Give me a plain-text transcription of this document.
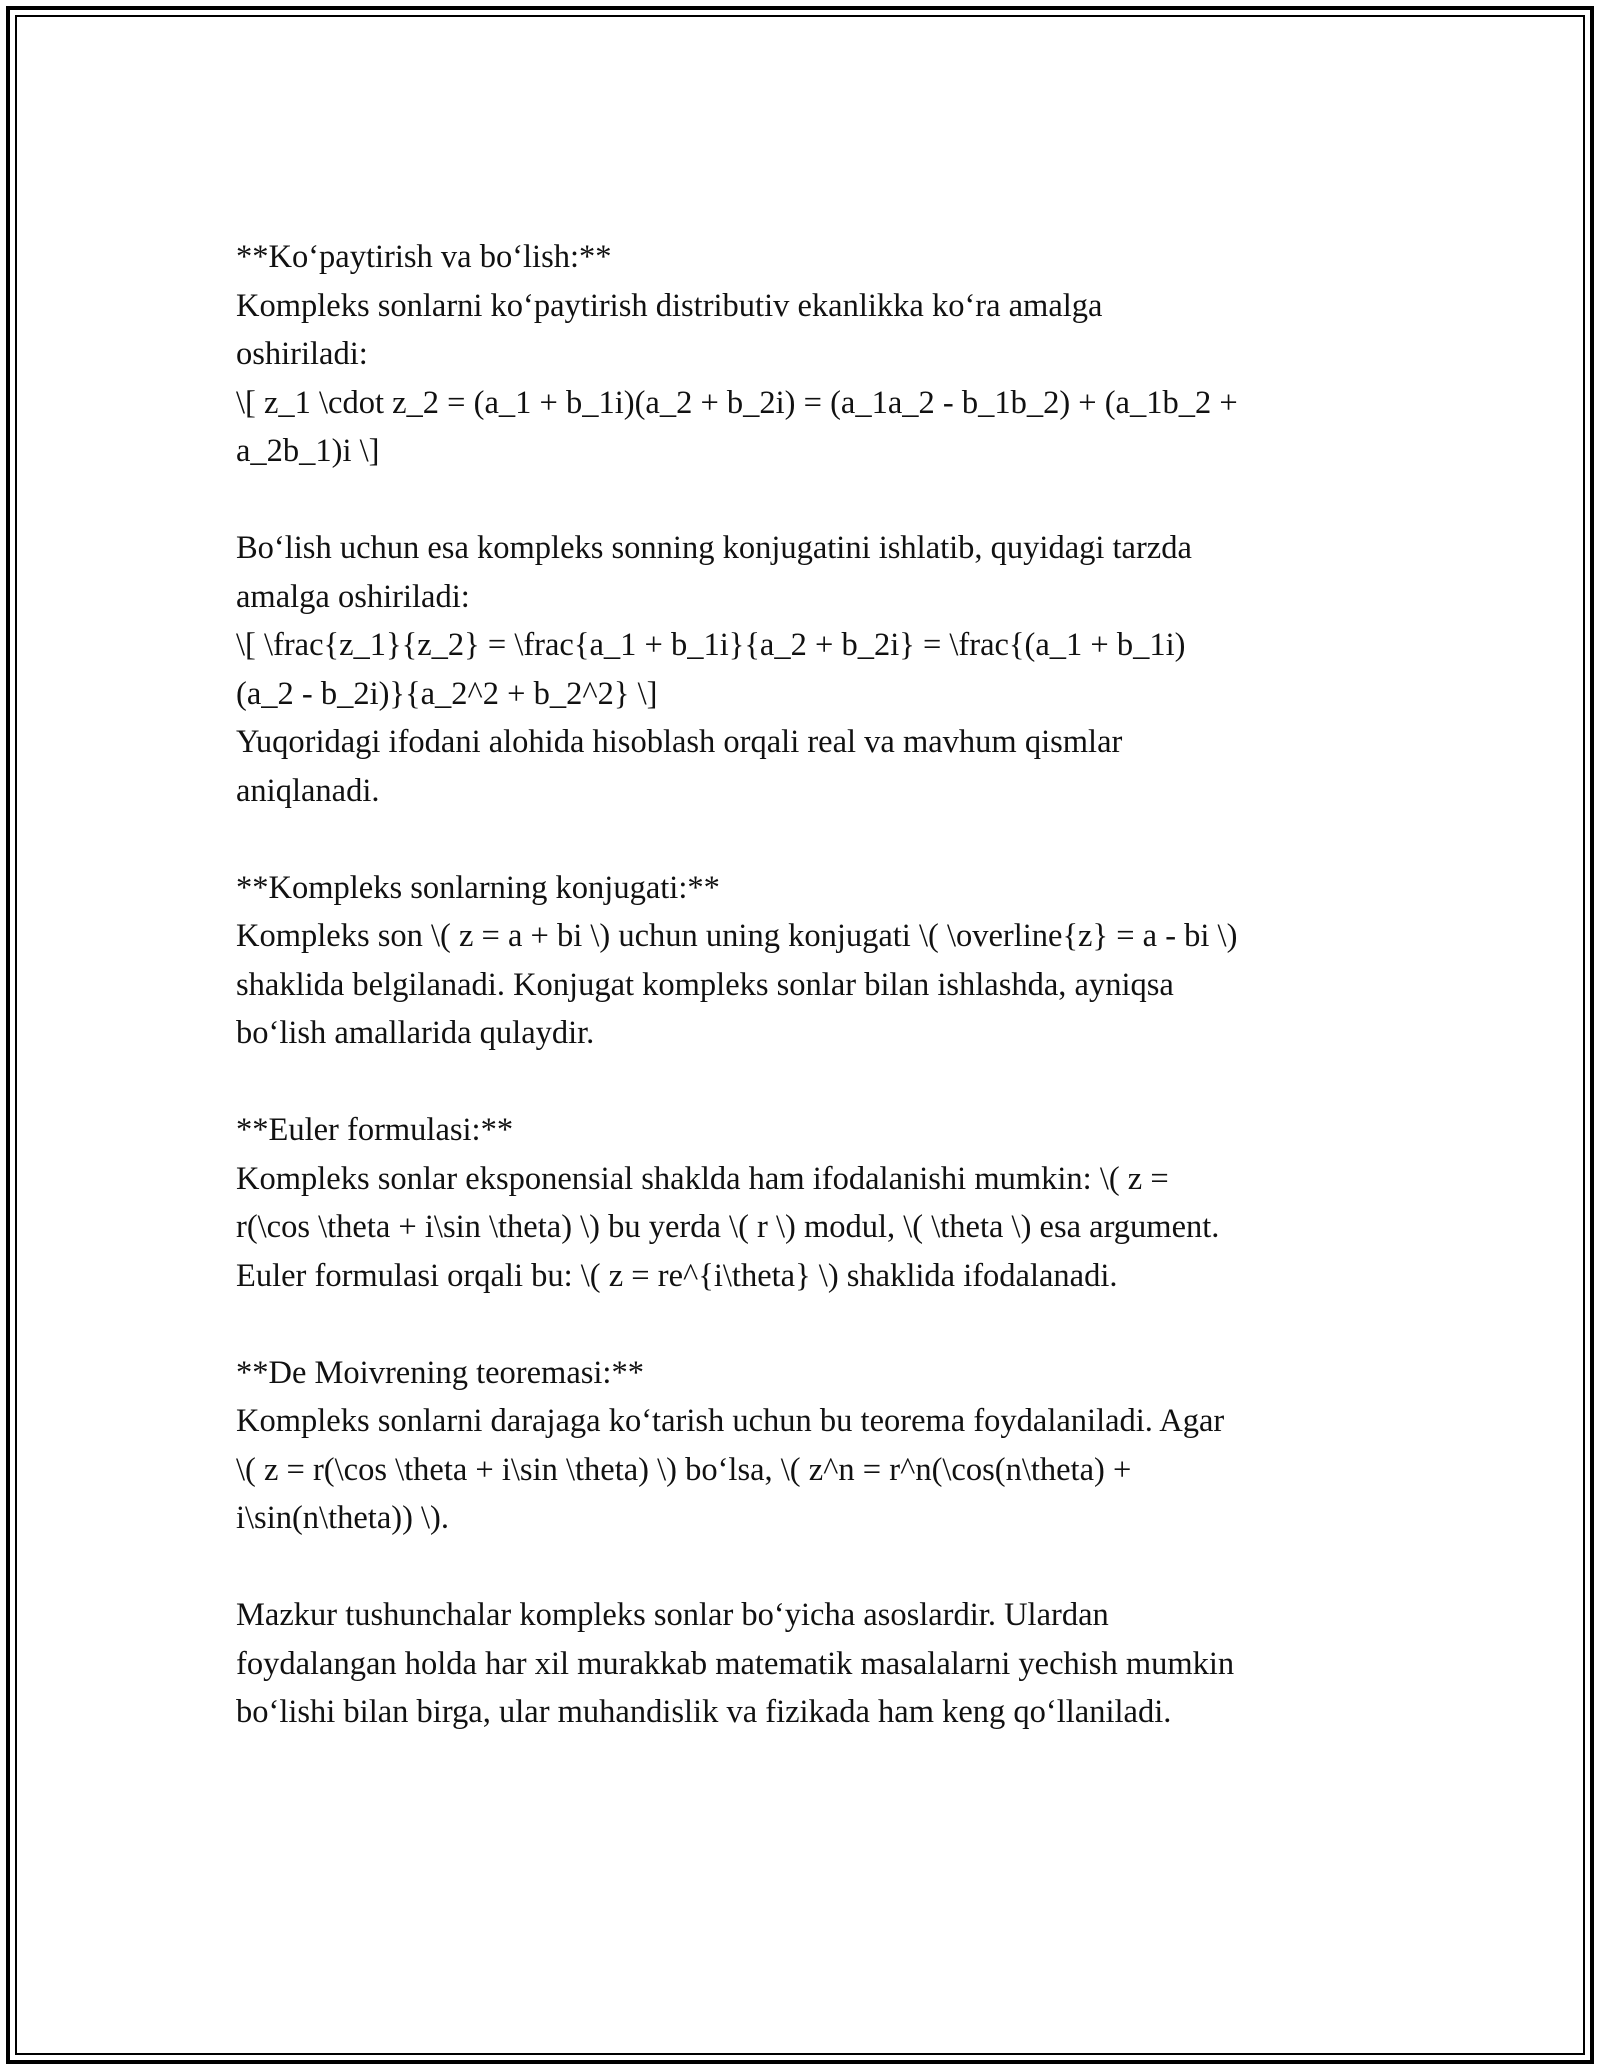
**Ko‘paytirish va bo‘lish:**
Kompleks sonlarni ko‘paytirish distributiv ekanlikka ko‘ra amalga
oshiriladi:
\[ z_1 \cdot z_2 = (a_1 + b_1i)(a_2 + b_2i) = (a_1a_2 - b_1b_2) + (a_1b_2 +
a_2b_1)i \]
Bo‘lish uchun esa kompleks sonning konjugatini ishlatib, quyidagi tarzda
amalga oshiriladi:
\[ \frac{z_1}{z_2} = \frac{a_1 + b_1i}{a_2 + b_2i} = \frac{(a_1 + b_1i)
(a_2 - b_2i)}{a_2^2 + b_2^2} \]
Yuqoridagi ifodani alohida hisoblash orqali real va mavhum qismlar
aniqlanadi.
**Kompleks sonlarning konjugati:**
Kompleks son \( z = a + bi \) uchun uning konjugati \( \overline{z} = a - bi \)
shaklida belgilanadi. Konjugat kompleks sonlar bilan ishlashda, ayniqsa
bo‘lish amallarida qulaydir.
**Euler formulasi:**
Kompleks sonlar eksponensial shakldа ham ifodalanishi mumkin: \( z =
r(\cos \theta + i\sin \theta) \) bu yerda \( r \) modul, \( \theta \) esa argument.
Euler formulasi orqali bu: \( z = re^{i\theta} \) shaklida ifodalanadi.
**De Moivrening teoremasi:**
Kompleks sonlarni darajaga ko‘tarish uchun bu teorema foydalaniladi. Agar
\( z = r(\cos \theta + i\sin \theta) \) bo‘lsa, \( z^n = r^n(\cos(n\theta) +
i\sin(n\theta)) \).
Mazkur tushunchalar kompleks sonlar bo‘yicha asoslardir. Ulardan
foydalangan holda har xil murakkab matematik masalalarni yechish mumkin
bo‘lishi bilan birga, ular muhandislik va fizikada ham keng qo‘llaniladi.
